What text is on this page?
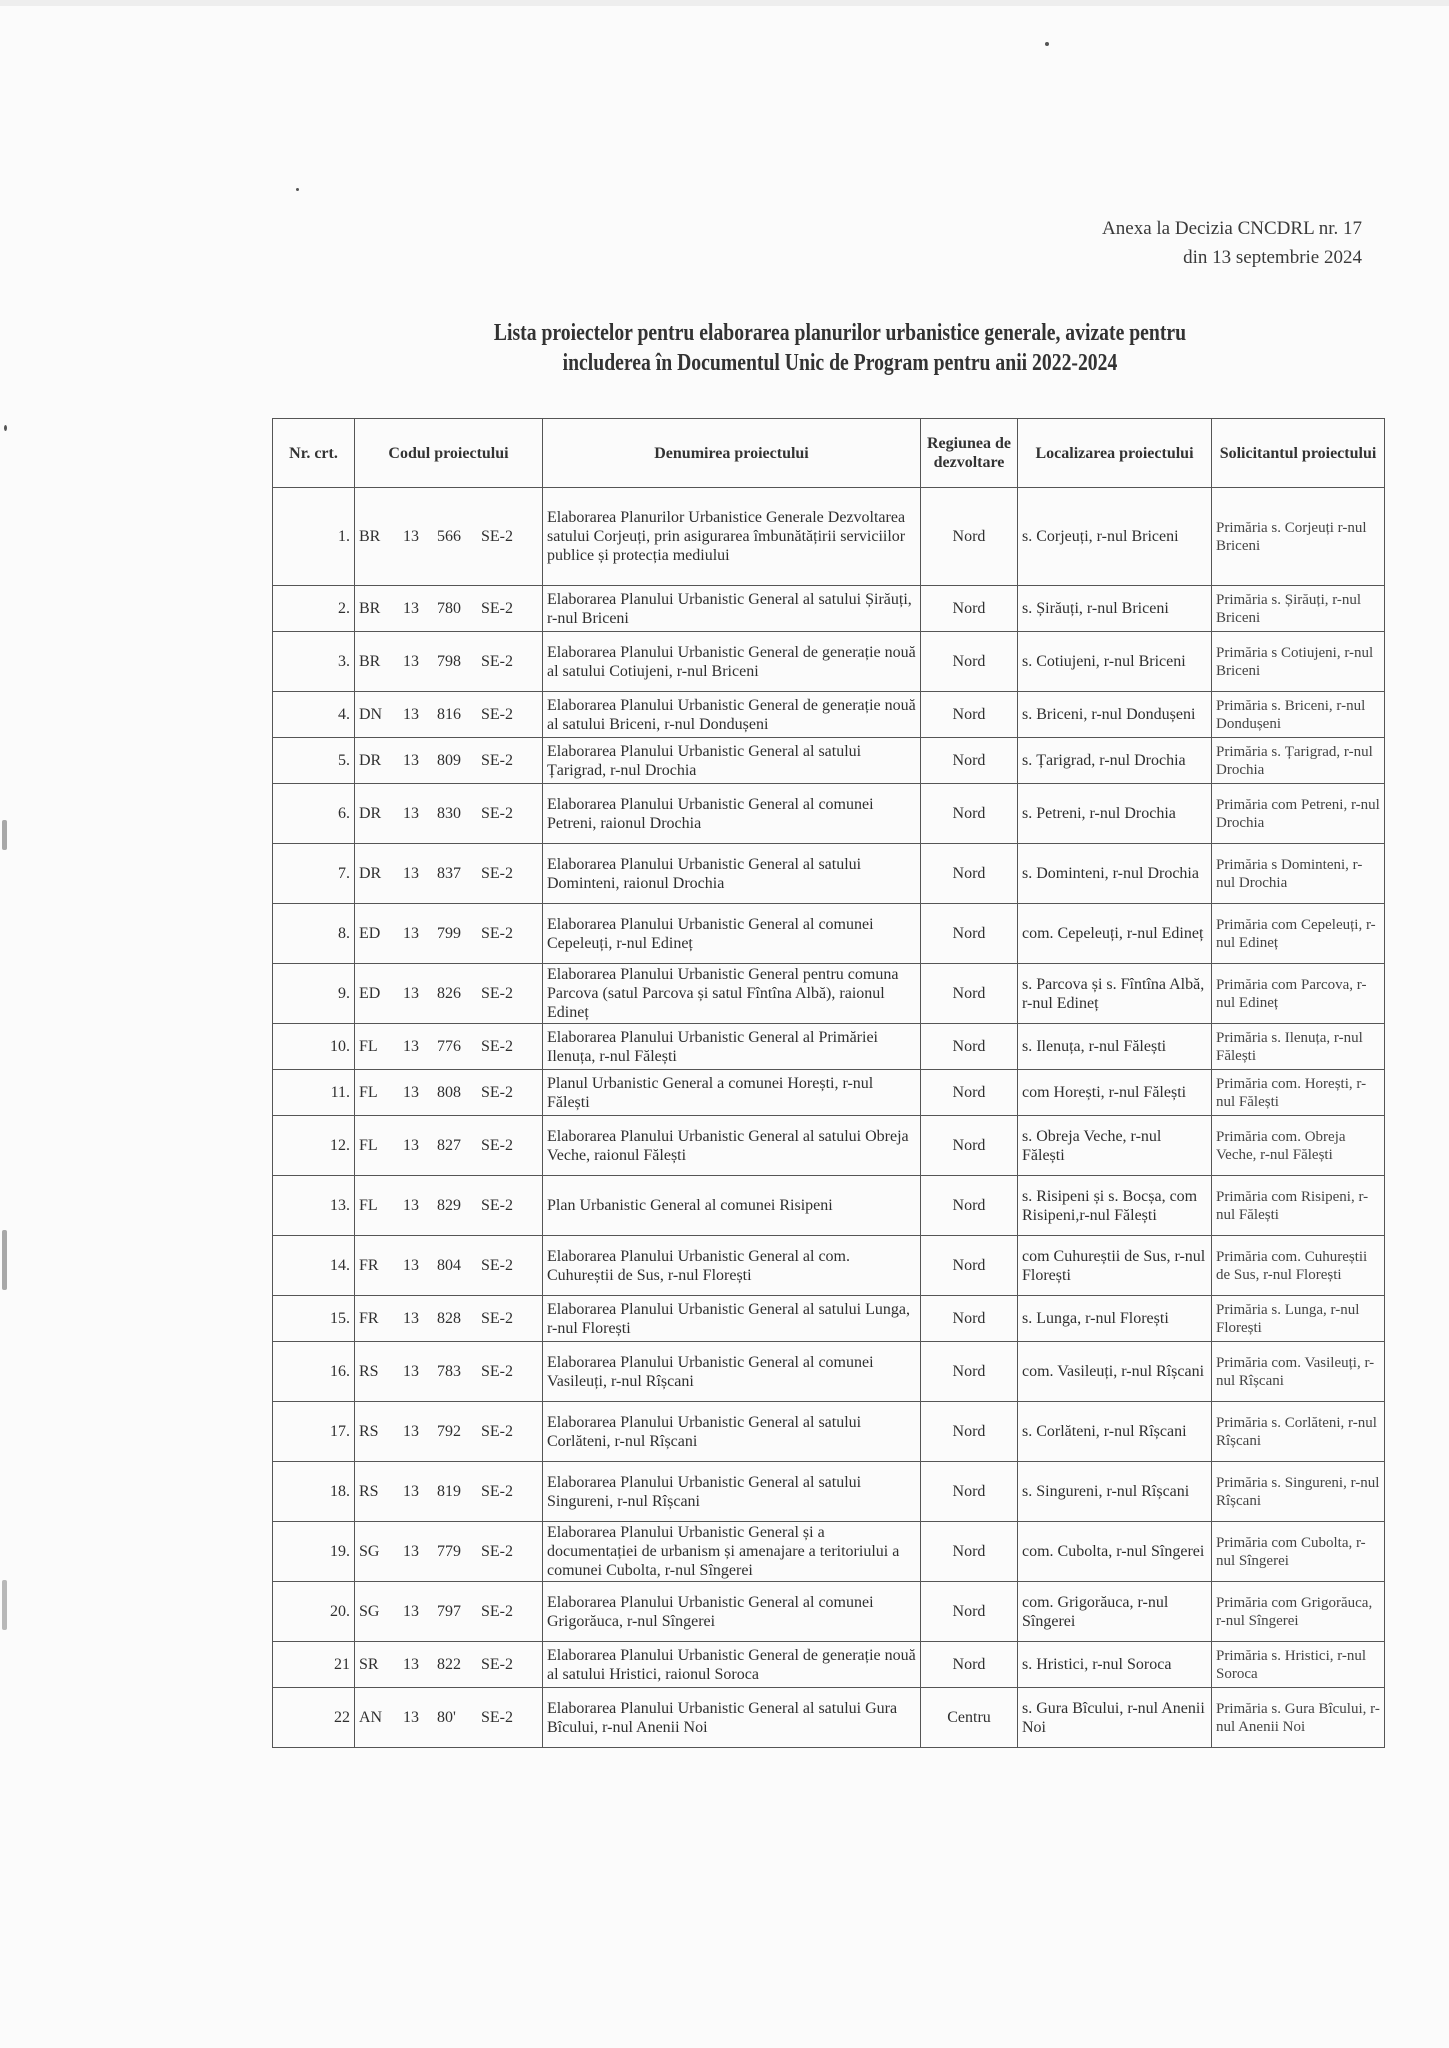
Anexa la Decizia CNCDRL nr. 17
din 13 septembrie 2024
Lista proiectelor pentru elaborarea planurilor urbanistice generale, avizate pentru
includerea în Documentul Unic de Program pentru anii 2022-2024
Nr. crt.	Codul proiectului	Denumirea proiectului	Regiunea de dezvoltare	Localizarea proiectului	Solicitantul proiectului
1.	BR 13 566 SE-2	Elaborarea Planurilor Urbanistice Generale Dezvoltarea satului Corjeuți, prin asigurarea îmbunătățirii serviciilor publice și protecția mediului	Nord	s. Corjeuți, r-nul Briceni	Primăria s. Corjeuți r-nul Briceni
2.	BR 13 780 SE-2	Elaborarea Planului Urbanistic General al satului Șirăuți, r-nul Briceni	Nord	s. Șirăuți, r-nul Briceni	Primăria s. Șirăuți, r-nul Briceni
3.	BR 13 798 SE-2	Elaborarea Planului Urbanistic General de generație nouă al satului Cotiujeni, r-nul Briceni	Nord	s. Cotiujeni, r-nul Briceni	Primăria s Cotiujeni, r-nul Briceni
4.	DN 13 816 SE-2	Elaborarea Planului Urbanistic General de generație nouă al satului Briceni, r-nul Dondușeni	Nord	s. Briceni, r-nul Dondușeni	Primăria s. Briceni, r-nul Dondușeni
5.	DR 13 809 SE-2	Elaborarea Planului Urbanistic General al satului Țarigrad, r-nul Drochia	Nord	s. Țarigrad, r-nul Drochia	Primăria s. Țarigrad, r-nul Drochia
6.	DR 13 830 SE-2	Elaborarea Planului Urbanistic General al comunei Petreni, raionul Drochia	Nord	s. Petreni, r-nul Drochia	Primăria com Petreni, r-nul Drochia
7.	DR 13 837 SE-2	Elaborarea Planului Urbanistic General al satului Dominteni, raionul Drochia	Nord	s. Dominteni, r-nul Drochia	Primăria s Dominteni, r-nul Drochia
8.	ED 13 799 SE-2	Elaborarea Planului Urbanistic General al comunei Cepeleuți, r-nul Edineț	Nord	com. Cepeleuți, r-nul Edineț	Primăria com Cepeleuți, r-nul Edineț
9.	ED 13 826 SE-2	Elaborarea Planului Urbanistic General pentru comuna Parcova (satul Parcova și satul Fîntîna Albă), raionul Edineț	Nord	s. Parcova și s. Fîntîna Albă, r-nul Edineț	Primăria com Parcova, r-nul Edineț
10.	FL 13 776 SE-2	Elaborarea Planului Urbanistic General al Primăriei Ilenuța, r-nul Fălești	Nord	s. Ilenuța, r-nul Fălești	Primăria s. Ilenuța, r-nul Fălești
11.	FL 13 808 SE-2	Planul Urbanistic General a comunei Horești, r-nul Fălești	Nord	com Horești, r-nul Fălești	Primăria com. Horești, r-nul Fălești
12.	FL 13 827 SE-2	Elaborarea Planului Urbanistic General al satului Obreja Veche, raionul Fălești	Nord	s. Obreja Veche, r-nul Fălești	Primăria com. Obreja Veche, r-nul Fălești
13.	FL 13 829 SE-2	Plan Urbanistic General al comunei Risipeni	Nord	s. Risipeni și s. Bocșa, com Risipeni,r-nul Fălești	Primăria com Risipeni, r-nul Fălești
14.	FR 13 804 SE-2	Elaborarea Planului Urbanistic General al com. Cuhureștii de Sus, r-nul Florești	Nord	com Cuhureștii de Sus, r-nul Florești	Primăria com. Cuhureștii de Sus, r-nul Florești
15.	FR 13 828 SE-2	Elaborarea Planului Urbanistic General al satului Lunga, r-nul Florești	Nord	s. Lunga, r-nul Florești	Primăria s. Lunga, r-nul Florești
16.	RS 13 783 SE-2	Elaborarea Planului Urbanistic General al comunei Vasileuți, r-nul Rîșcani	Nord	com. Vasileuți, r-nul Rîșcani	Primăria com. Vasileuți, r-nul Rîșcani
17.	RS 13 792 SE-2	Elaborarea Planului Urbanistic General al satului Corlăteni, r-nul Rîșcani	Nord	s. Corlăteni, r-nul Rîșcani	Primăria s. Corlăteni, r-nul Rîșcani
18.	RS 13 819 SE-2	Elaborarea Planului Urbanistic General al satului Singureni, r-nul Rîșcani	Nord	s. Singureni, r-nul Rîșcani	Primăria s. Singureni, r-nul Rîșcani
19.	SG 13 779 SE-2	Elaborarea Planului Urbanistic General și a documentației de urbanism și amenajare a teritoriului a comunei Cubolta, r-nul Sîngerei	Nord	com. Cubolta, r-nul Sîngerei	Primăria com Cubolta, r-nul Sîngerei
20.	SG 13 797 SE-2	Elaborarea Planului Urbanistic General al comunei Grigorăuca, r-nul Sîngerei	Nord	com. Grigorăuca, r-nul Sîngerei	Primăria com Grigorăuca, r-nul Sîngerei
21	SR 13 822 SE-2	Elaborarea Planului Urbanistic General de generație nouă al satului Hristici, raionul Soroca	Nord	s. Hristici, r-nul Soroca	Primăria s. Hristici, r-nul Soroca
22	AN 13 80' SE-2	Elaborarea Planului Urbanistic General al satului Gura Bîcului, r-nul Anenii Noi	Centru	s. Gura Bîcului, r-nul Anenii Noi	Primăria s. Gura Bîcului, r-nul Anenii Noi
